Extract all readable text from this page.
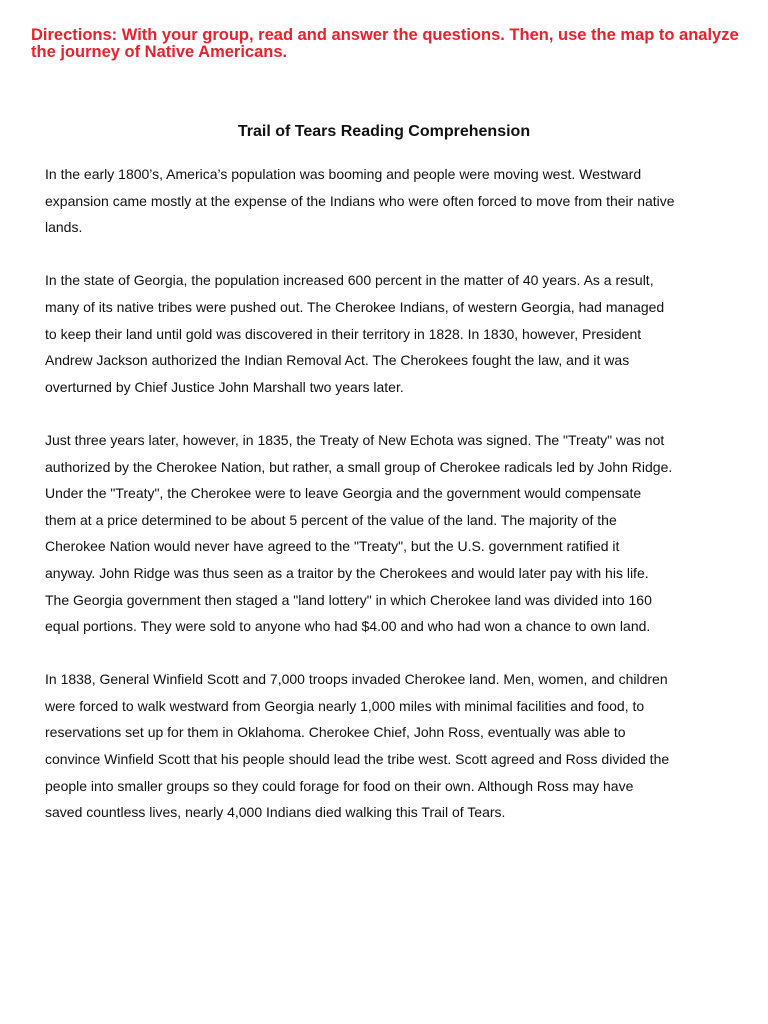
Directions: With your group, read and answer the questions. Then, use the map to analyze
the journey of Native Americans.
Trail of Tears Reading Comprehension

In the early 1800’s, America’s population was booming and people were moving west. Westward
expansion came mostly at the expense of the Indians who were often forced to move from their native
lands.

In the state of Georgia, the population increased 600 percent in the matter of 40 years. As a result,
many of its native tribes were pushed out. The Cherokee Indians, of western Georgia, had managed
to keep their land until gold was discovered in their territory in 1828. In 1830, however, President
Andrew Jackson authorized the Indian Removal Act. The Cherokees fought the law, and it was
overturned by Chief Justice John Marshall two years later.

Just three years later, however, in 1835, the Treaty of New Echota was signed. The "Treaty" was not
authorized by the Cherokee Nation, but rather, a small group of Cherokee radicals led by John Ridge.
Under the "Treaty", the Cherokee were to leave Georgia and the government would compensate
them at a price determined to be about 5 percent of the value of the land. The majority of the
Cherokee Nation would never have agreed to the "Treaty", but the U.S. government ratified it
anyway. John Ridge was thus seen as a traitor by the Cherokees and would later pay with his life.
The Georgia government then staged a "land lottery" in which Cherokee land was divided into 160
equal portions. They were sold to anyone who had $4.00 and who had won a chance to own land.

In 1838, General Winfield Scott and 7,000 troops invaded Cherokee land. Men, women, and children
were forced to walk westward from Georgia nearly 1,000 miles with minimal facilities and food, to
reservations set up for them in Oklahoma. Cherokee Chief, John Ross, eventually was able to
convince Winfield Scott that his people should lead the tribe west. Scott agreed and Ross divided the
people into smaller groups so they could forage for food on their own. Although Ross may have
saved countless lives, nearly 4,000 Indians died walking this Trail of Tears.
